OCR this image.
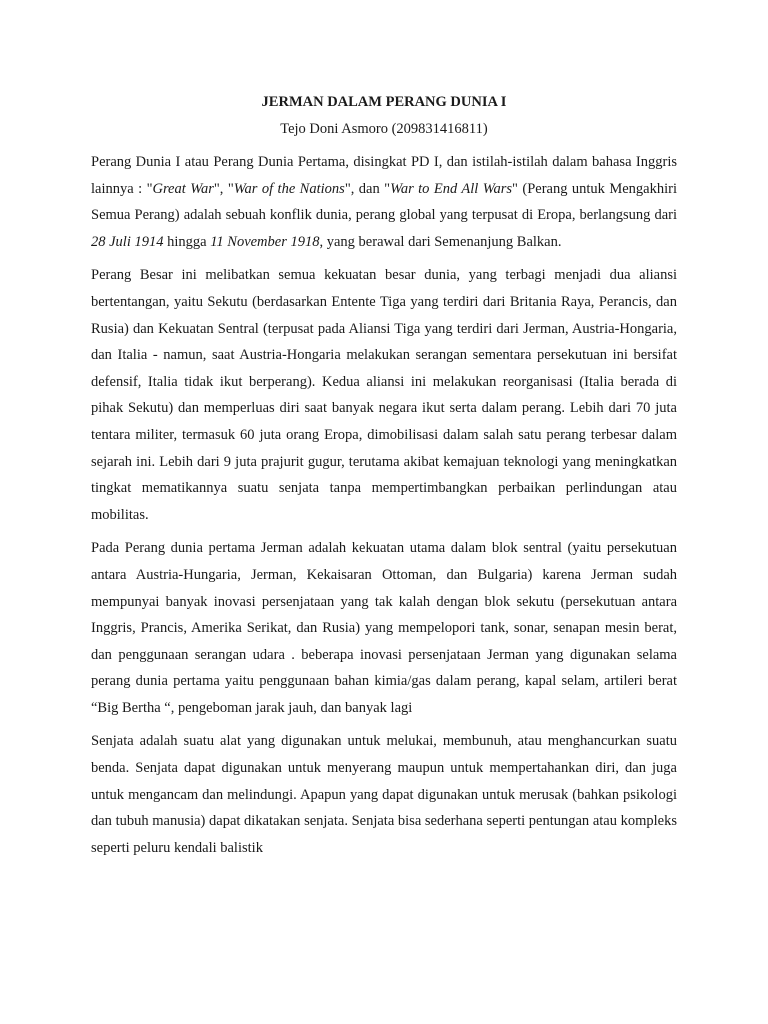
JERMAN DALAM PERANG DUNIA I
Tejo Doni Asmoro (209831416811)

Perang Dunia I atau Perang Dunia Pertama, disingkat PD I, dan istilah-istilah dalam bahasa Inggris lainnya : "Great War", "War of the Nations", dan "War to End All Wars" (Perang untuk Mengakhiri Semua Perang) adalah sebuah konflik dunia, perang global yang terpusat di Eropa, berlangsung dari 28 Juli 1914 hingga 11 November 1918, yang berawal dari Semenanjung Balkan.

Perang Besar ini melibatkan semua kekuatan besar dunia, yang terbagi menjadi dua aliansi bertentangan, yaitu Sekutu (berdasarkan Entente Tiga yang terdiri dari Britania Raya, Perancis, dan Rusia) dan Kekuatan Sentral (terpusat pada Aliansi Tiga yang terdiri dari Jerman, Austria-Hongaria, dan Italia - namun, saat Austria-Hongaria melakukan serangan sementara persekutuan ini bersifat defensif, Italia tidak ikut berperang). Kedua aliansi ini melakukan reorganisasi (Italia berada di pihak Sekutu) dan memperluas diri saat banyak negara ikut serta dalam perang. Lebih dari 70 juta tentara militer, termasuk 60 juta orang Eropa, dimobilisasi dalam salah satu perang terbesar dalam sejarah ini. Lebih dari 9 juta prajurit gugur, terutama akibat kemajuan teknologi yang meningkatkan tingkat mematikannya suatu senjata tanpa mempertimbangkan perbaikan perlindungan atau mobilitas.

Pada Perang dunia pertama Jerman adalah kekuatan utama dalam blok sentral (yaitu persekutuan antara Austria-Hungaria, Jerman, Kekaisaran Ottoman, dan Bulgaria) karena Jerman sudah mempunyai banyak inovasi persenjataan yang tak kalah dengan blok sekutu (persekutuan antara Inggris, Prancis, Amerika Serikat, dan Rusia) yang mempelopori tank, sonar, senapan mesin berat, dan penggunaan serangan udara . beberapa inovasi persenjataan Jerman yang digunakan selama perang dunia pertama yaitu penggunaan bahan kimia/gas dalam perang, kapal selam, artileri berat “Big Bertha “, pengeboman jarak jauh, dan banyak lagi

Senjata adalah suatu alat yang digunakan untuk melukai, membunuh, atau menghancurkan suatu benda. Senjata dapat digunakan untuk menyerang maupun untuk mempertahankan diri, dan juga untuk mengancam dan melindungi. Apapun yang dapat digunakan untuk merusak (bahkan psikologi dan tubuh manusia) dapat dikatakan senjata. Senjata bisa sederhana seperti pentungan atau kompleks seperti peluru kendali balistik
